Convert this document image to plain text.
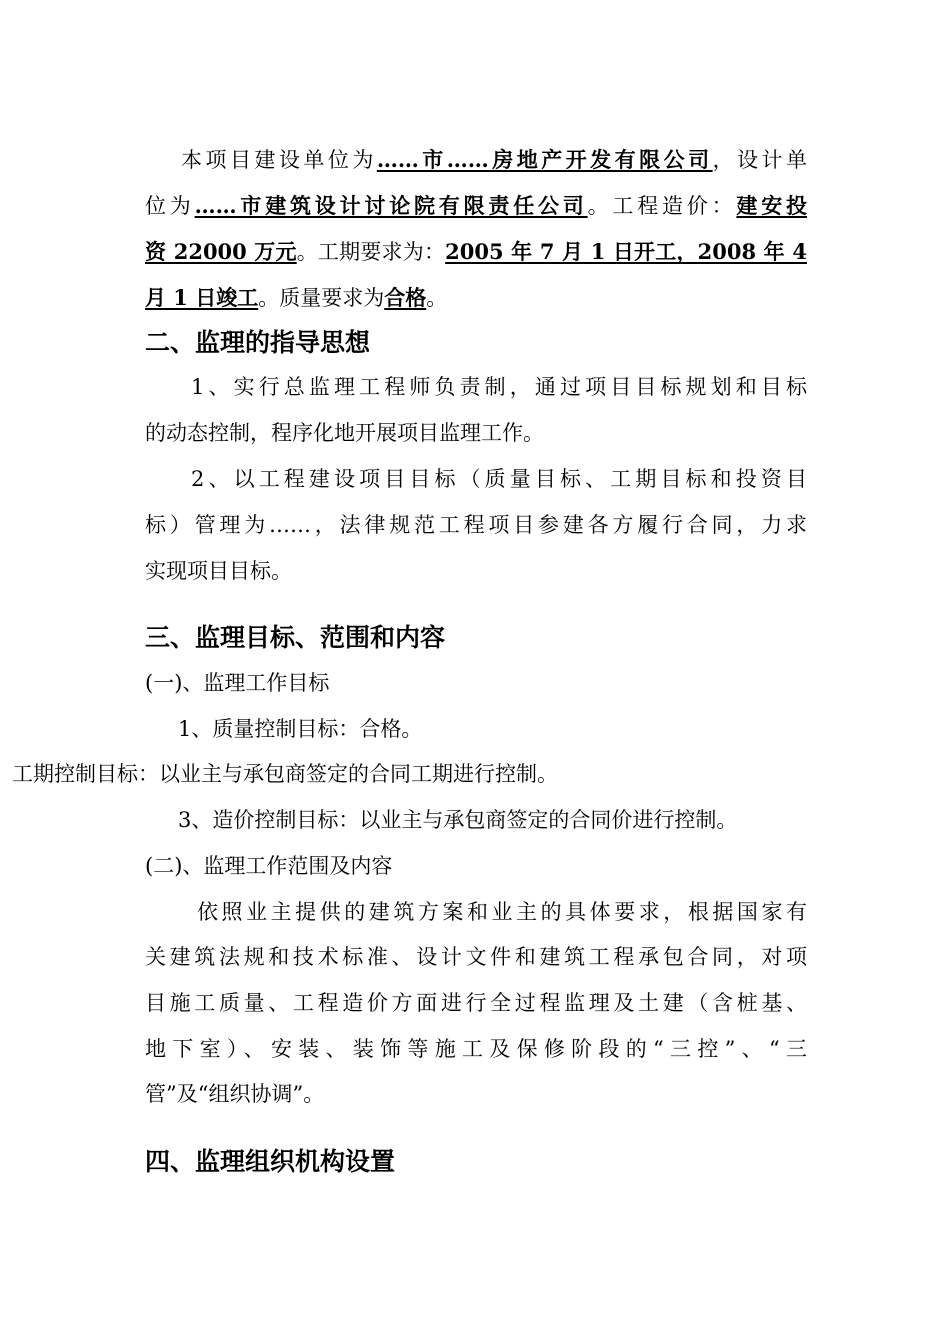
本项目建设单位为……市……房地产开发有限公司，设计单
位为……市建筑设计讨论院有限责任公司。工程造价：建安投
资 22000 万元。工期要求为：2005 年 7 月 1 日开工，2008 年 4
月 1 日竣工。质量要求为合格。
二、监理的指导思想
1、实行总监理工程师负责制，通过项目目标规划和目标
的动态控制，程序化地开展项目监理工作。
2、以工程建设项目目标（质量目标、工期目标和投资目
标）管理为……，法律规范工程项目参建各方履行合同，力求
实现项目目标。
三、监理目标、范围和内容
(一)、监理工作目标
1、质量控制目标：合格。
工期控制目标：以业主与承包商签定的合同工期进行控制。
3、造价控制目标：以业主与承包商签定的合同价进行控制。
(二)、监理工作范围及内容
依照业主提供的建筑方案和业主的具体要求，根据国家有
关建筑法规和技术标准、设计文件和建筑工程承包合同，对项
目施工质量、工程造价方面进行全过程监理及土建（含桩基、
地下室）、安装、装饰等施工及保修阶段的“三控”、“三
管”及“组织协调”。
四、监理组织机构设置
